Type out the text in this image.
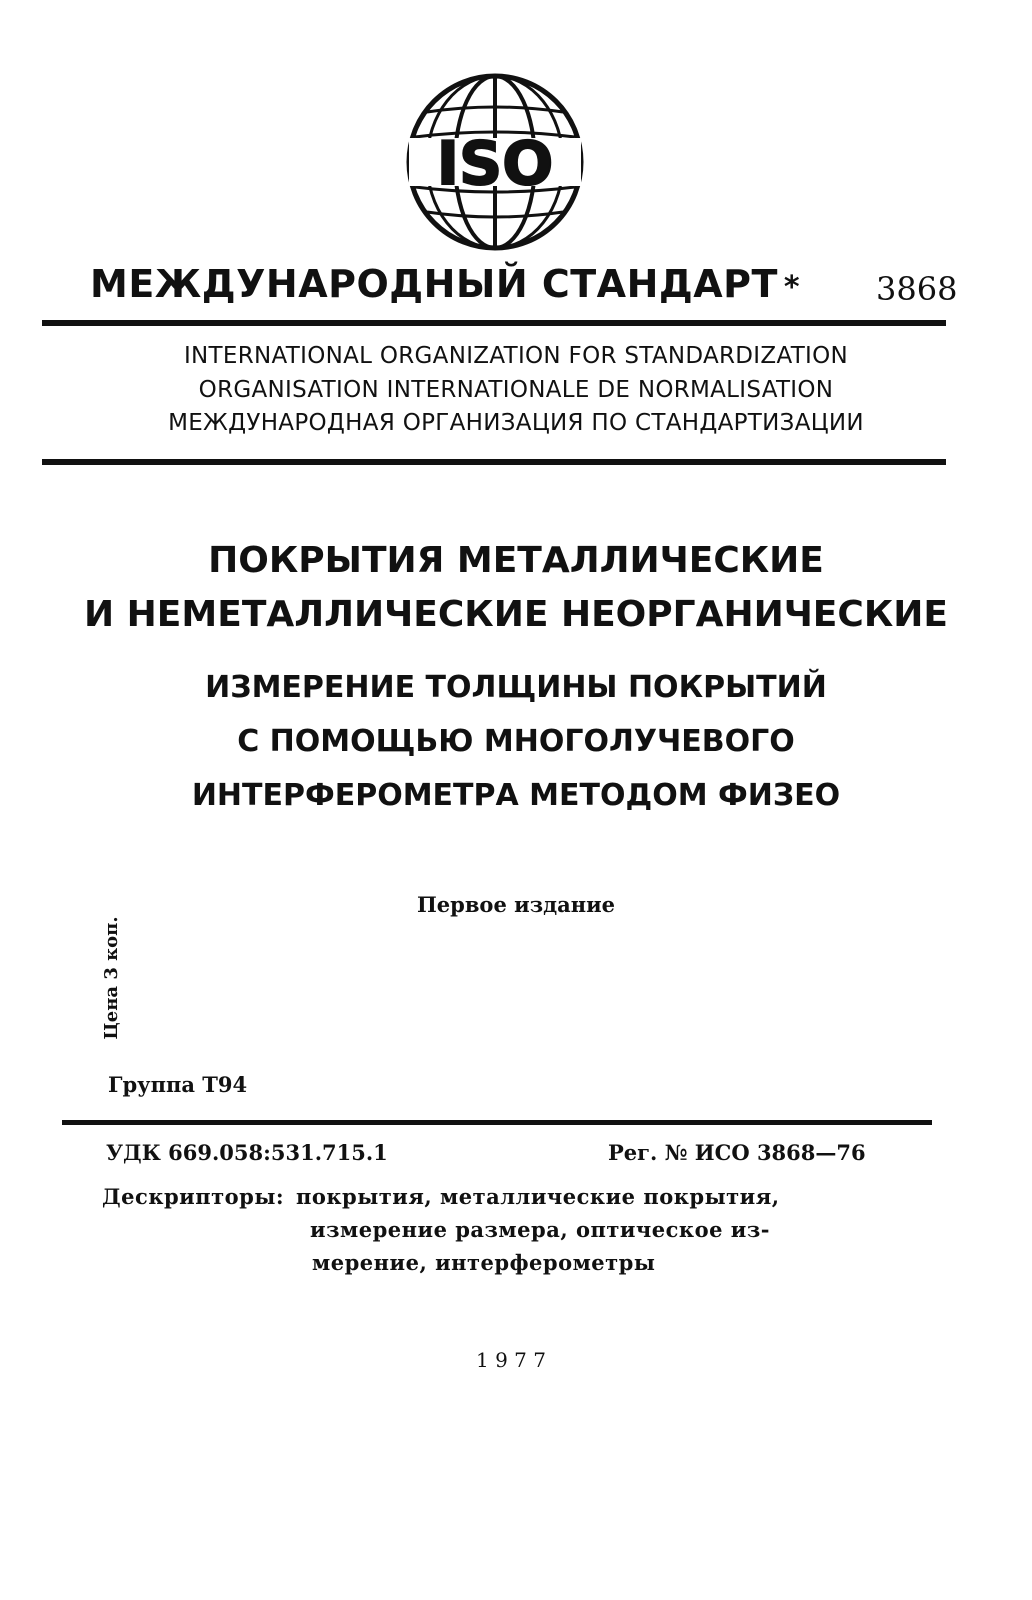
ISO
МЕЖДУНАРОДНЫЙ СТАНДАРТ * 3868
INTERNATIONAL ORGANIZATION FOR STANDARDIZATION
ORGANISATION INTERNATIONALE DE NORMALISATION
МЕЖДУНАРОДНАЯ ОРГАНИЗАЦИЯ ПО СТАНДАРТИЗАЦИИ
ПОКРЫТИЯ МЕТАЛЛИЧЕСКИЕ
И НЕМЕТАЛЛИЧЕСКИЕ НЕОРГАНИЧЕСКИЕ
ИЗМЕРЕНИЕ ТОЛЩИНЫ ПОКРЫТИЙ
С ПОМОЩЬЮ МНОГОЛУЧЕВОГО
ИНТЕРФЕРОМЕТРА МЕТОДОМ ФИЗЕО
Первое издание
Цена 3 коп.
Группа Т94
УДК 669.058:531.715.1	Рег. № ИСО 3868—76
Дескрипторы: покрытия, металлические покрытия,
измерение размера, оптическое из-
мерение, интерферометры
1 9 7 7
